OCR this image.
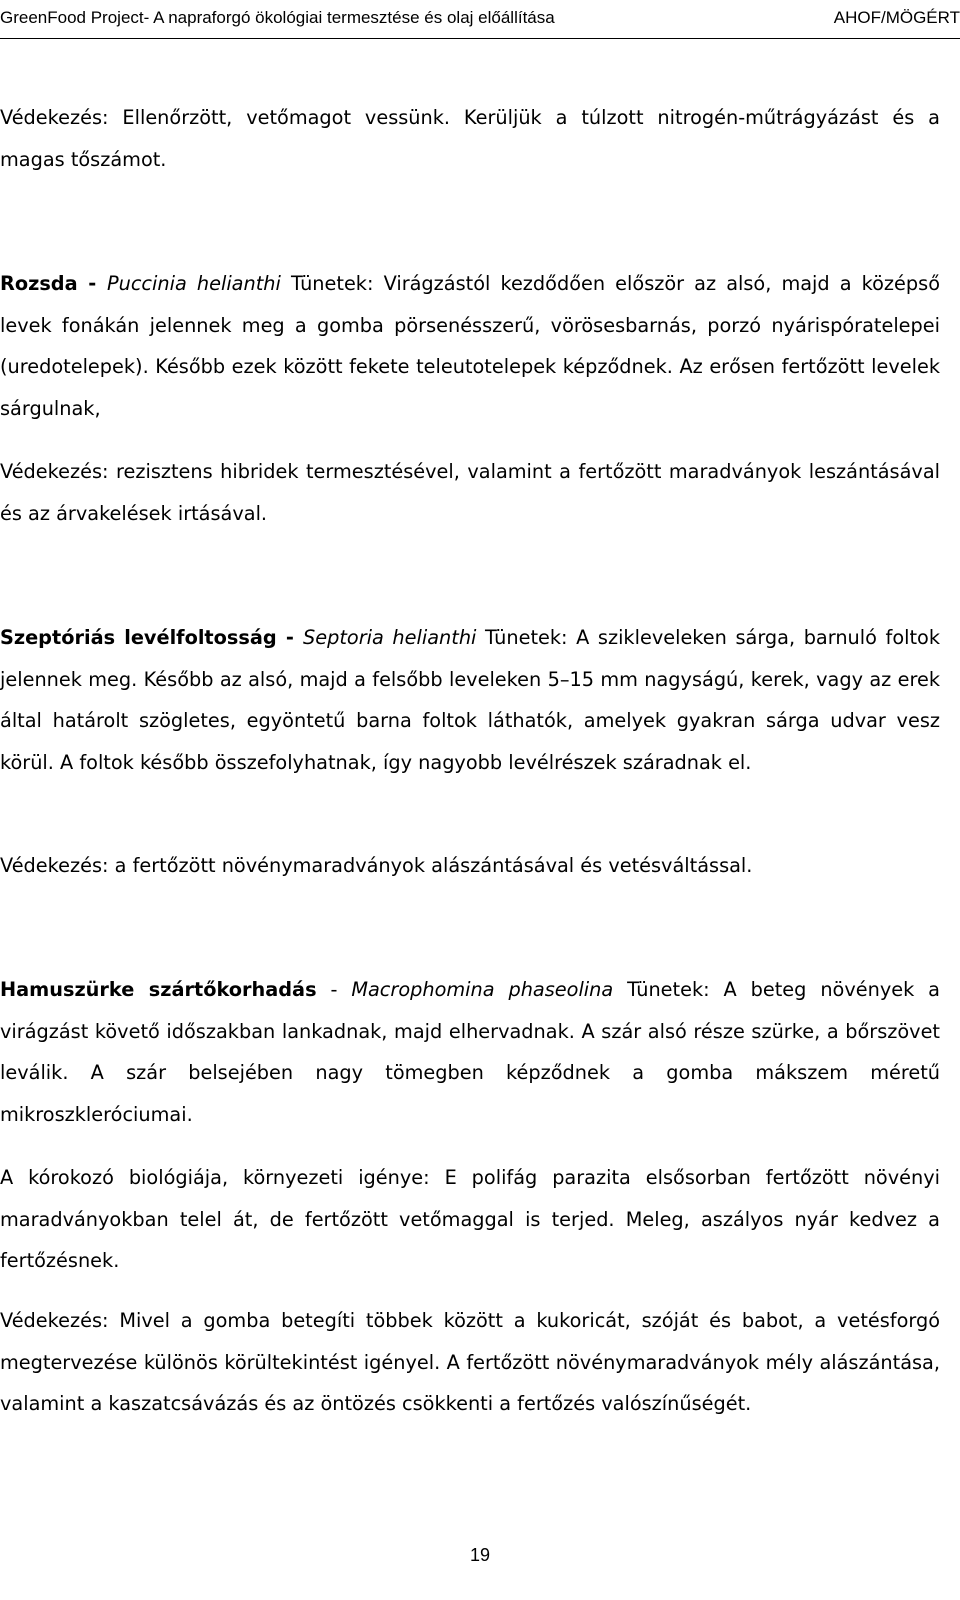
GreenFood Project- A napraforgó ökológiai termesztése és olaj előállítása	AHOF/MÖGÉRT

Védekezés: Ellenőrzött, vetőmagot vessünk. Kerüljük a túlzott nitrogén-műtrágyázást és a magas tőszámot.

Rozsda - Puccinia helianthi Tünetek: Virágzástól kezdődően először az alsó, majd a középső levek fonákán jelennek meg a gomba pörsenésszerű, vörösesbarnás, porzó nyárispóratelepei (uredotelepek). Később ezek között fekete teleutotelepek képződnek. Az erősen fertőzött levelek sárgulnak,

Védekezés: rezisztens hibridek termesztésével, valamint a fertőzött maradványok leszántásával és az árvakelések irtásával.

Szeptóriás levélfoltosság - Septoria helianthi Tünetek: A szikleveleken sárga, barnuló foltok jelennek meg. Később az alsó, majd a felsőbb leveleken 5–15 mm nagyságú, kerek, vagy az erek által határolt szögletes, egyöntetű barna foltok láthatók, amelyek gyakran sárga udvar vesz körül. A foltok később összefolyhatnak, így nagyobb levélrészek száradnak el.

Védekezés: a fertőzött növénymaradványok alászántásával és vetésváltással.

Hamuszürke szártőkorhadás - Macrophomina phaseolina Tünetek: A beteg növények a virágzást követő időszakban lankadnak, majd elhervadnak. A szár alsó része szürke, a bőrszövet leválik. A szár belsejében nagy tömegben képződnek a gomba mákszem méretű mikroszkleróciumai.

A kórokozó biológiája, környezeti igénye: E polifág parazita elsősorban fertőzött növényi maradványokban telel át, de fertőzött vetőmaggal is terjed. Meleg, aszályos nyár kedvez a fertőzésnek.

Védekezés: Mivel a gomba betegíti többek között a kukoricát, szóját és babot, a vetésforgó megtervezése különös körültekintést igényel. A fertőzött növénymaradványok mély alászántása, valamint a kaszatcsávázás és az öntözés csökkenti a fertőzés valószínűségét.

19
